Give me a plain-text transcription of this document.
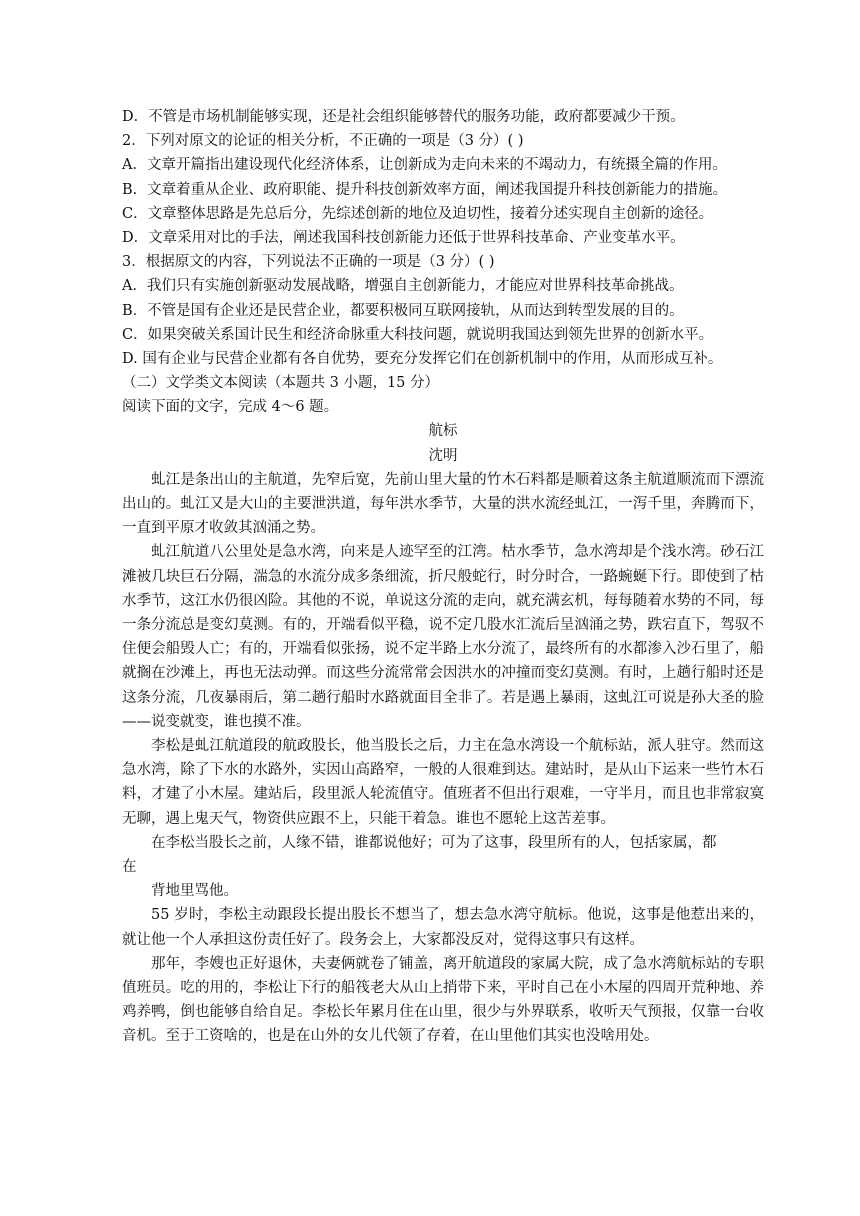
D．不管是市场机制能够实现，还是社会组织能够替代的服务功能，政府都要减少干预。
2．下列对原文的论证的相关分析，不正确的一项是（3 分）( )
A．文章开篇指出建设现代化经济体系，让创新成为走向未来的不竭动力，有统摄全篇的作用。
B．文章着重从企业、政府职能、提升科技创新效率方面，阐述我国提升科技创新能力的措施。
C．文章整体思路是先总后分，先综述创新的地位及迫切性，接着分述实现自主创新的途径。
D．文章采用对比的手法，阐述我国科技创新能力还低于世界科技革命、产业变革水平。
3．根据原文的内容，下列说法不正确的一项是（3 分）( )
A．我们只有实施创新驱动发展战略，增强自主创新能力，才能应对世界科技革命挑战。
B．不管是国有企业还是民营企业，都要积极同互联网接轨，从而达到转型发展的目的。
C．如果突破关系国计民生和经济命脉重大科技问题，就说明我国达到领先世界的创新水平。
D. 国有企业与民营企业都有各自优势，要充分发挥它们在创新机制中的作用，从而形成互补。
（二）文学类文本阅读（本题共 3 小题，15 分）
阅读下面的文字，完成 4～6 题。
航标
沈明
虬江是条出山的主航道，先窄后宽，先前山里大量的竹木石料都是顺着这条主航道顺流而下漂流出山的。虬江又是大山的主要泄洪道，每年洪水季节，大量的洪水流经虬江，一泻千里，奔腾而下，一直到平原才收敛其汹涌之势。
虬江航道八公里处是急水湾，向来是人迹罕至的江湾。枯水季节，急水湾却是个浅水湾。砂石江滩被几块巨石分隔，湍急的水流分成多条细流，折尺般蛇行，时分时合，一路蜿蜒下行。即使到了枯水季节，这江水仍很凶险。其他的不说，单说这分流的走向，就充满玄机，每每随着水势的不同，每一条分流总是变幻莫测。有的，开端看似平稳，说不定几股水汇流后呈汹涌之势，跌宕直下，驾驭不住便会船毁人亡；有的，开端看似张扬，说不定半路上水分流了，最终所有的水都渗入沙石里了，船就搁在沙滩上，再也无法动弹。而这些分流常常会因洪水的冲撞而变幻莫测。有时，上趟行船时还是这条分流，几夜暴雨后，第二趟行船时水路就面目全非了。若是遇上暴雨，这虬江可说是孙大圣的脸——说变就变，谁也摸不准。
李松是虬江航道段的航政股长，他当股长之后，力主在急水湾设一个航标站，派人驻守。然而这急水湾，除了下水的水路外，实因山高路窄，一般的人很难到达。建站时，是从山下运来一些竹木石料，才建了小木屋。建站后，段里派人轮流值守。值班者不但出行艰难，一守半月，而且也非常寂寞无聊，遇上鬼天气，物资供应跟不上，只能干着急。谁也不愿轮上这苦差事。
在李松当股长之前，人缘不错，谁都说他好；可为了这事，段里所有的人，包括家属，都
在
背地里骂他。
55 岁时，李松主动跟段长提出股长不想当了，想去急水湾守航标。他说，这事是他惹出来的，就让他一个人承担这份责任好了。段务会上，大家都没反对，觉得这事只有这样。
那年，李嫂也正好退休，夫妻俩就卷了铺盖，离开航道段的家属大院，成了急水湾航标站的专职值班员。吃的用的，李松让下行的船筏老大从山上捎带下来，平时自己在小木屋的四周开荒种地、养鸡养鸭，倒也能够自给自足。李松长年累月住在山里，很少与外界联系，收听天气预报，仅靠一台收音机。至于工资啥的，也是在山外的女儿代领了存着，在山里他们其实也没啥用处。
